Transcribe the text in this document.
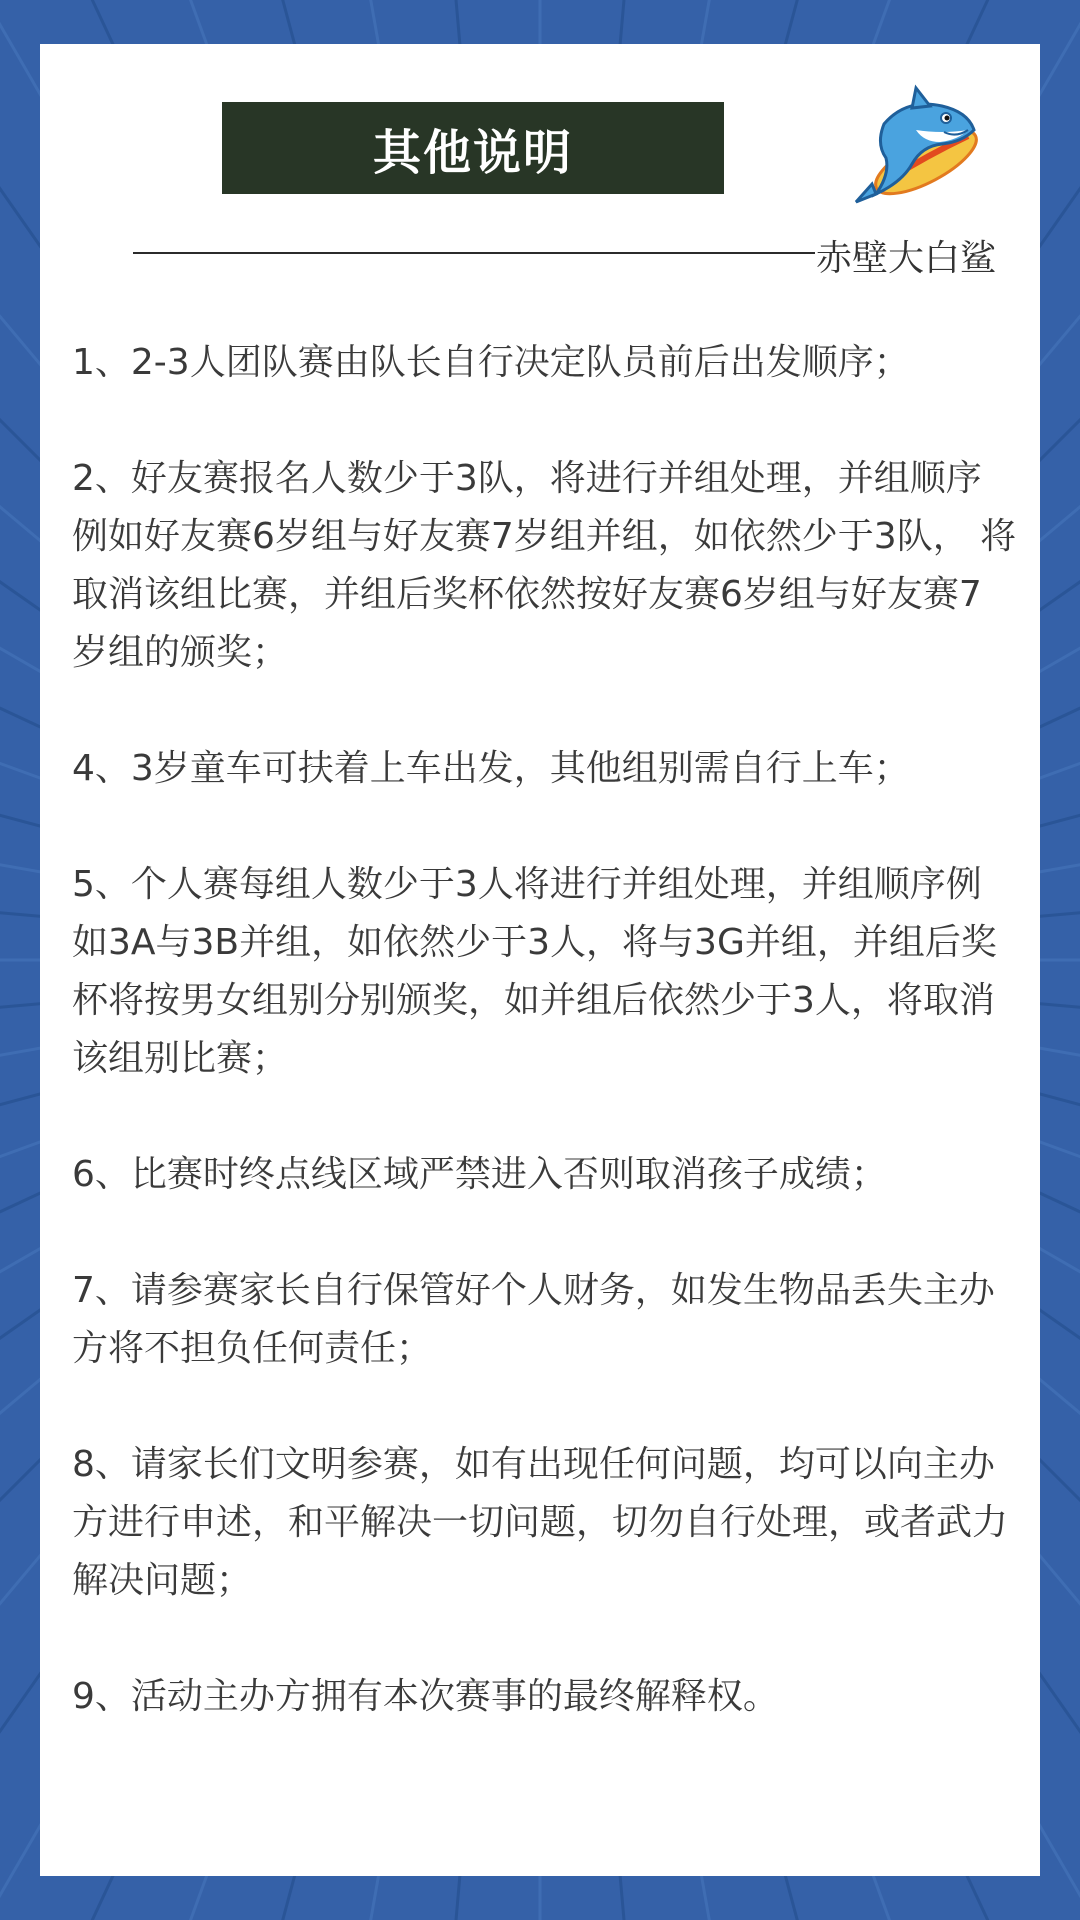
其他说明
赤壁大白鲨

1、2-3人团队赛由队长自行决定队员前后出发顺序；

2、好友赛报名人数少于3队，将进行并组处理，并组顺序例如好友赛6岁组与好友赛7岁组并组，如依然少于3队， 将取消该组比赛，并组后奖杯依然按好友赛6岁组与好友赛7岁组的颁奖；

4、3岁童车可扶着上车出发，其他组别需自行上车；

5、个人赛每组人数少于3人将进行并组处理，并组顺序例如3A与3B并组，如依然少于3人，将与3G并组，并组后奖杯将按男女组别分别颁奖，如并组后依然少于3人，将取消该组别比赛；

6、比赛时终点线区域严禁进入否则取消孩子成绩；

7、请参赛家长自行保管好个人财务，如发生物品丢失主办方将不担负任何责任；

8、请家长们文明参赛，如有出现任何问题，均可以向主办方进行申述，和平解决一切问题，切勿自行处理，或者武力解决问题；

9、活动主办方拥有本次赛事的最终解释权。
